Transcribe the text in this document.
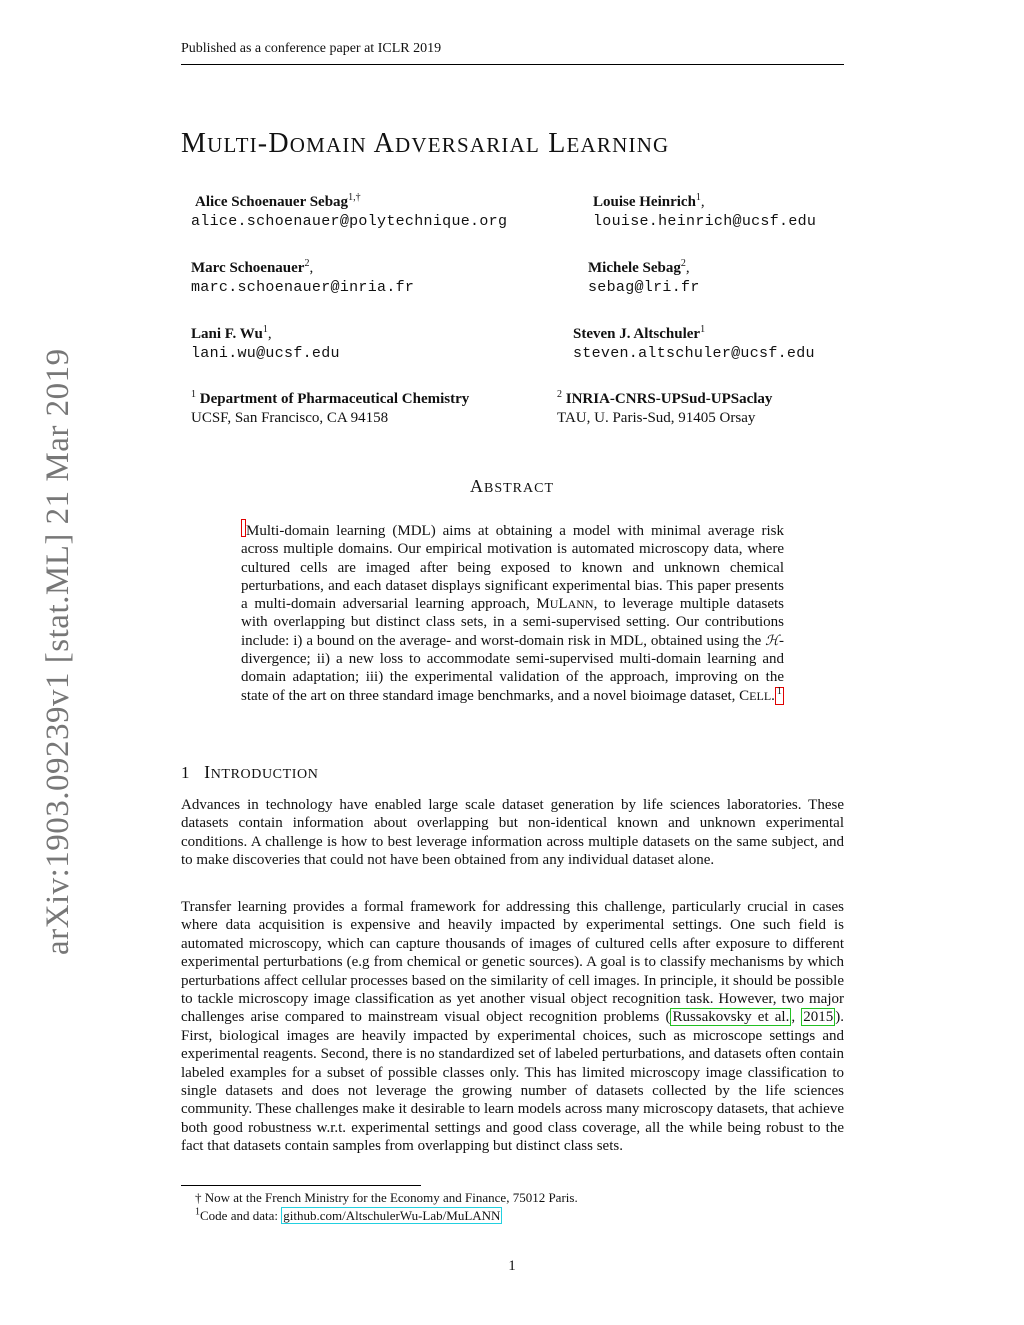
Published as a conference paper at ICLR 2019
MULTI-DOMAIN ADVERSARIAL LEARNING
Alice Schoenauer Sebag$^{1,\dagger}$
alice.schoenauer@polytechnique.org
Louise Heinrich$^1$,
louise.heinrich@ucsf.edu
Marc Schoenauer$^2$,
marc.schoenauer@inria.fr
Michele Sebag$^2$,
sebag@lri.fr
Lani F. Wu$^1$,
lani.wu@ucsf.edu
Steven J. Altschuler$^1$
steven.altschuler@ucsf.edu
$^1$ Department of Pharmaceutical Chemistry
UCSF, San Francisco, CA 94158
$^2$ INRIA-CNRS-UPSud-UPSaclay
TAU, U. Paris-Sud, 91405 Orsay
ABSTRACT
Multi-domain learning (MDL) aims at obtaining a model with minimal average risk across multiple domains. Our empirical motivation is automated microscopy data, where cultured cells are imaged after being exposed to known and unknown chemical perturbations, and each dataset displays significant experimental bias. This paper presents a multi-domain adversarial learning approach, MULANN, to leverage multiple datasets with overlapping but distinct class sets, in a semi-supervised setting. Our contributions include: i) a bound on the average- and worst-domain risk in MDL, obtained using the ℋ-divergence; ii) a new loss to accommodate semi-supervised multi-domain learning and domain adaptation; iii) the experimental validation of the approach, improving on the state of the art on three standard image benchmarks, and a novel bioimage dataset, CELL. $^1$
1 INTRODUCTION
Advances in technology have enabled large scale dataset generation by life sciences laboratories. These datasets contain information about overlapping but non-identical known and unknown experimental conditions. A challenge is how to best leverage information across multiple datasets on the same subject, and to make discoveries that could not have been obtained from any individual dataset alone.
Transfer learning provides a formal framework for addressing this challenge, particularly crucial in cases where data acquisition is expensive and heavily impacted by experimental settings. One such field is automated microscopy, which can capture thousands of images of cultured cells after exposure to different experimental perturbations (e.g from chemical or genetic sources). A goal is to classify mechanisms by which perturbations affect cellular processes based on the similarity of cell images. In principle, it should be possible to tackle microscopy image classification as yet another visual object recognition task. However, two major challenges arise compared to mainstream visual object recognition problems ( Russakovsky et al. , 2015 ). First, biological images are heavily impacted by experimental choices, such as microscope settings and experimental reagents. Second, there is no standardized set of labeled perturbations, and datasets often contain labeled examples for a subset of possible classes only. This has limited microscopy image classification to single datasets and does not leverage the growing number of datasets collected by the life sciences community. These challenges make it desirable to learn models across many microscopy datasets, that achieve both good robustness w.r.t. experimental settings and good class coverage, all the while being robust to the fact that datasets contain samples from overlapping but distinct class sets.
† Now at the French Ministry for the Economy and Finance, 75012 Paris.
$^1$Code and data: github.com/AltschulerWu-Lab/MuLANN
1
arXiv:1903.09239v1 [stat.ML] 21 Mar 2019
